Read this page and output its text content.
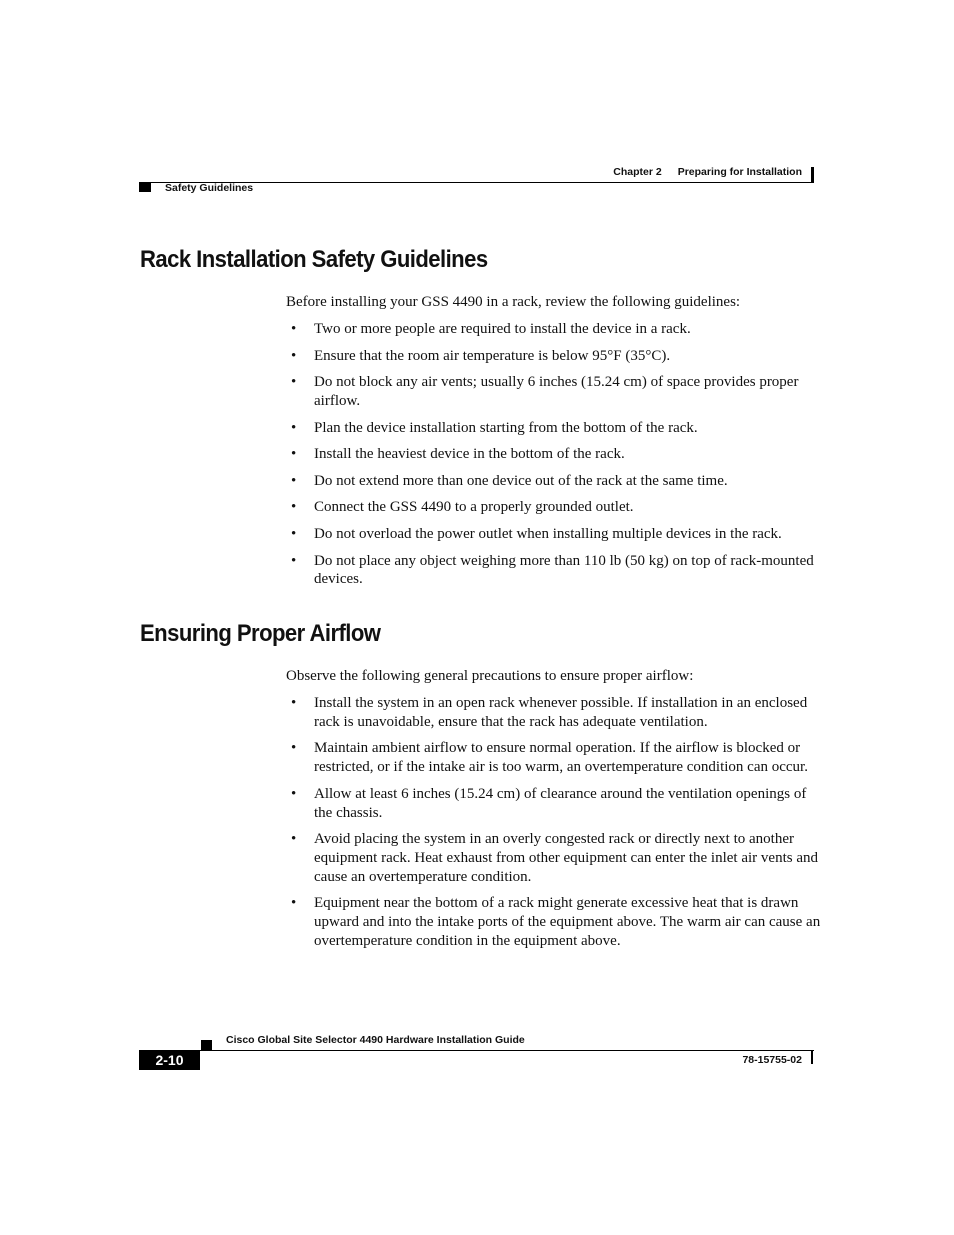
Chapter 2 Preparing for Installation
Safety Guidelines
Rack Installation Safety Guidelines

Before installing your GSS 4490 in a rack, review the following guidelines:

• Two or more people are required to install the device in a rack.
• Ensure that the room air temperature is below 95°F (35°C).
• Do not block any air vents; usually 6 inches (15.24 cm) of space provides proper airflow.
• Plan the device installation starting from the bottom of the rack.
• Install the heaviest device in the bottom of the rack.
• Do not extend more than one device out of the rack at the same time.
• Connect the GSS 4490 to a properly grounded outlet.
• Do not overload the power outlet when installing multiple devices in the rack.
• Do not place any object weighing more than 110 lb (50 kg) on top of rack-mounted devices.
Ensuring Proper Airflow

Observe the following general precautions to ensure proper airflow:

• Install the system in an open rack whenever possible. If installation in an enclosed rack is unavoidable, ensure that the rack has adequate ventilation.
• Maintain ambient airflow to ensure normal operation. If the airflow is blocked or restricted, or if the intake air is too warm, an overtemperature condition can occur.
• Allow at least 6 inches (15.24 cm) of clearance around the ventilation openings of the chassis.
• Avoid placing the system in an overly congested rack or directly next to another equipment rack. Heat exhaust from other equipment can enter the inlet air vents and cause an overtemperature condition.
• Equipment near the bottom of a rack might generate excessive heat that is drawn upward and into the intake ports of the equipment above. The warm air can cause an overtemperature condition in the equipment above.
Cisco Global Site Selector 4490 Hardware Installation Guide
2-10	78-15755-02
